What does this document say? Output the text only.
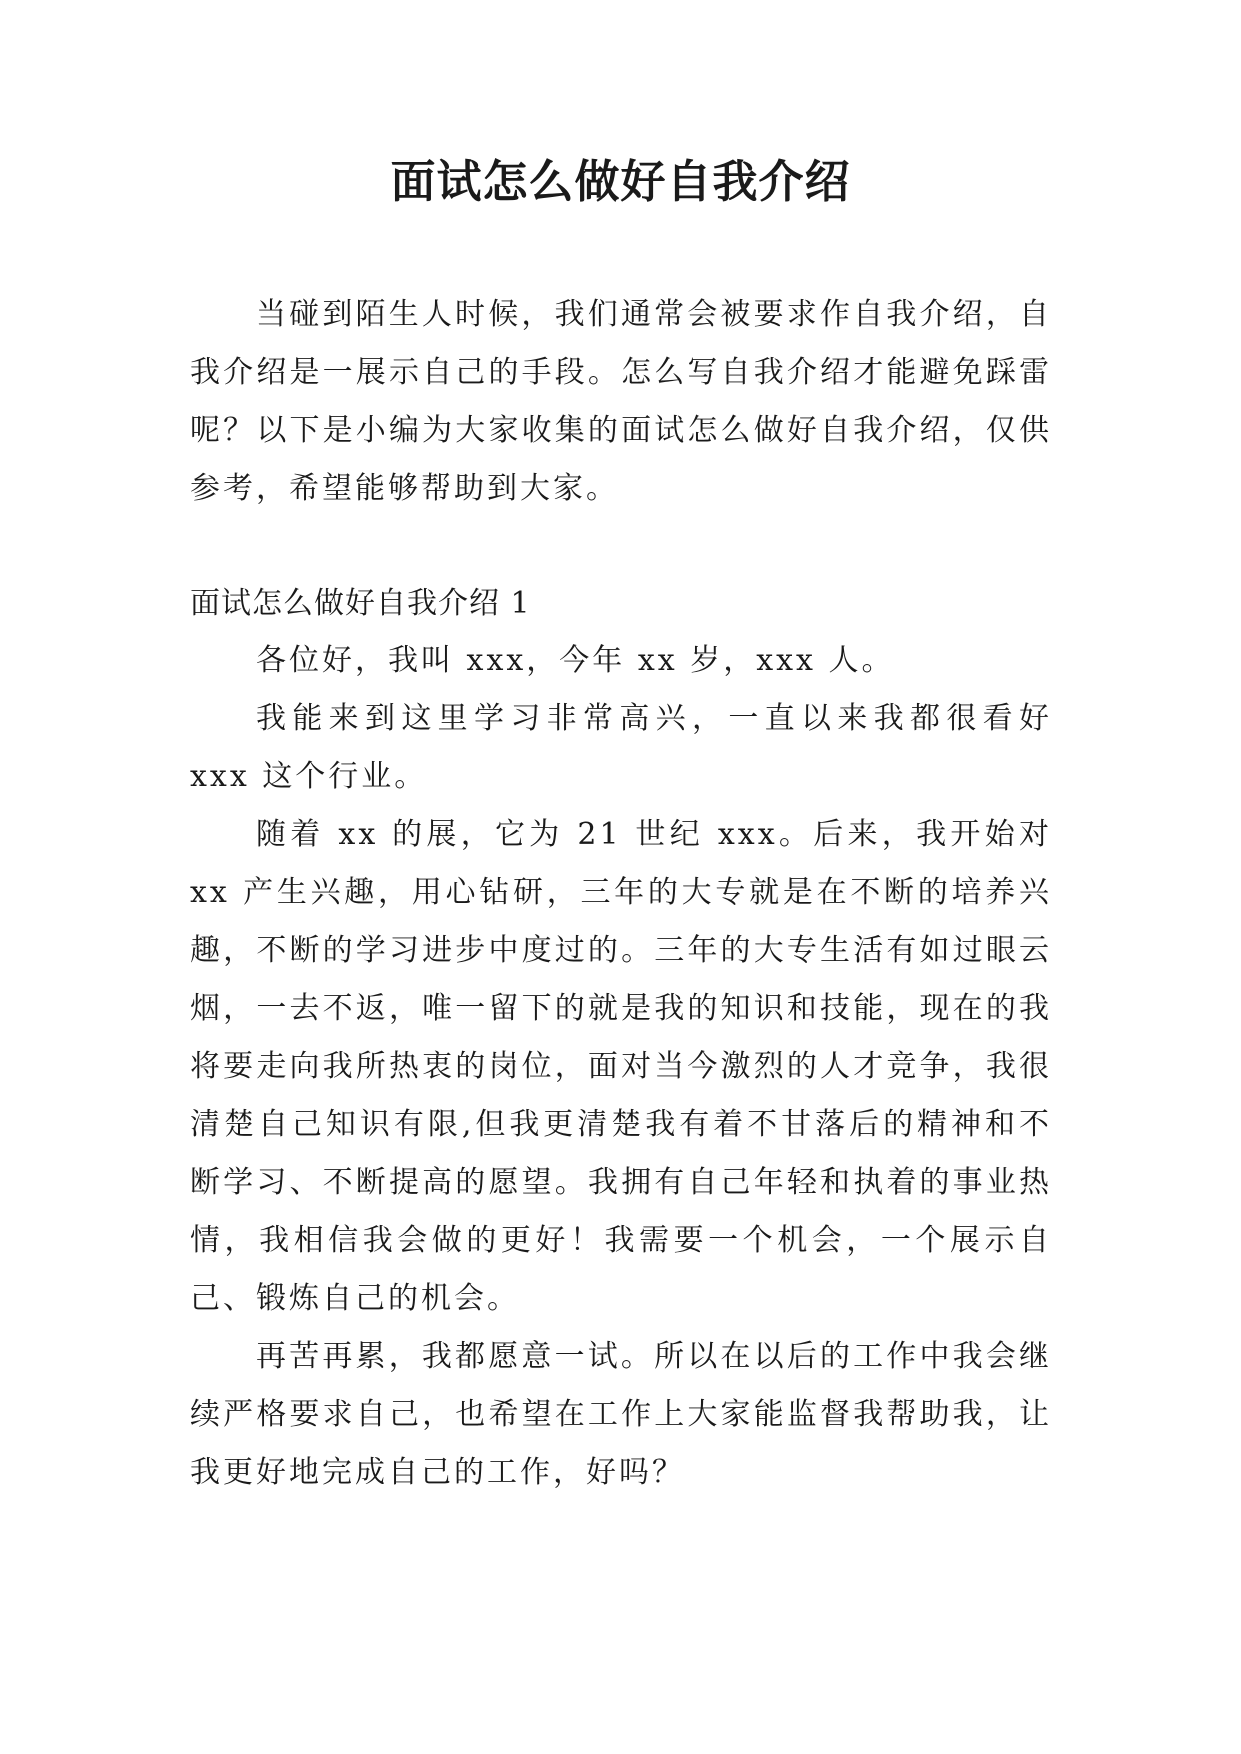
面试怎么做好自我介绍

当碰到陌生人时候，我们通常会被要求作自我介绍，自我介绍是一展示自己的手段。怎么写自我介绍才能避免踩雷呢？以下是小编为大家收集的面试怎么做好自我介绍，仅供参考，希望能够帮助到大家。

面试怎么做好自我介绍 1

各位好，我叫 xxx，今年 xx 岁，xxx 人。

我能来到这里学习非常高兴，一直以来我都很看好 xxx 这个行业。

随着 xx 的展，它为 21 世纪 xxx。后来，我开始对 xx 产生兴趣，用心钻研，三年的大专就是在不断的培养兴趣，不断的学习进步中度过的。三年的大专生活有如过眼云烟，一去不返，唯一留下的就是我的知识和技能，现在的我将要走向我所热衷的岗位，面对当今激烈的人才竞争，我很清楚自己知识有限,但我更清楚我有着不甘落后的精神和不断学习、不断提高的愿望。我拥有自己年轻和执着的事业热情，我相信我会做的更好！我需要一个机会，一个展示自己、锻炼自己的机会。

再苦再累，我都愿意一试。所以在以后的工作中我会继续严格要求自己，也希望在工作上大家能监督我帮助我，让我更好地完成自己的工作，好吗？
